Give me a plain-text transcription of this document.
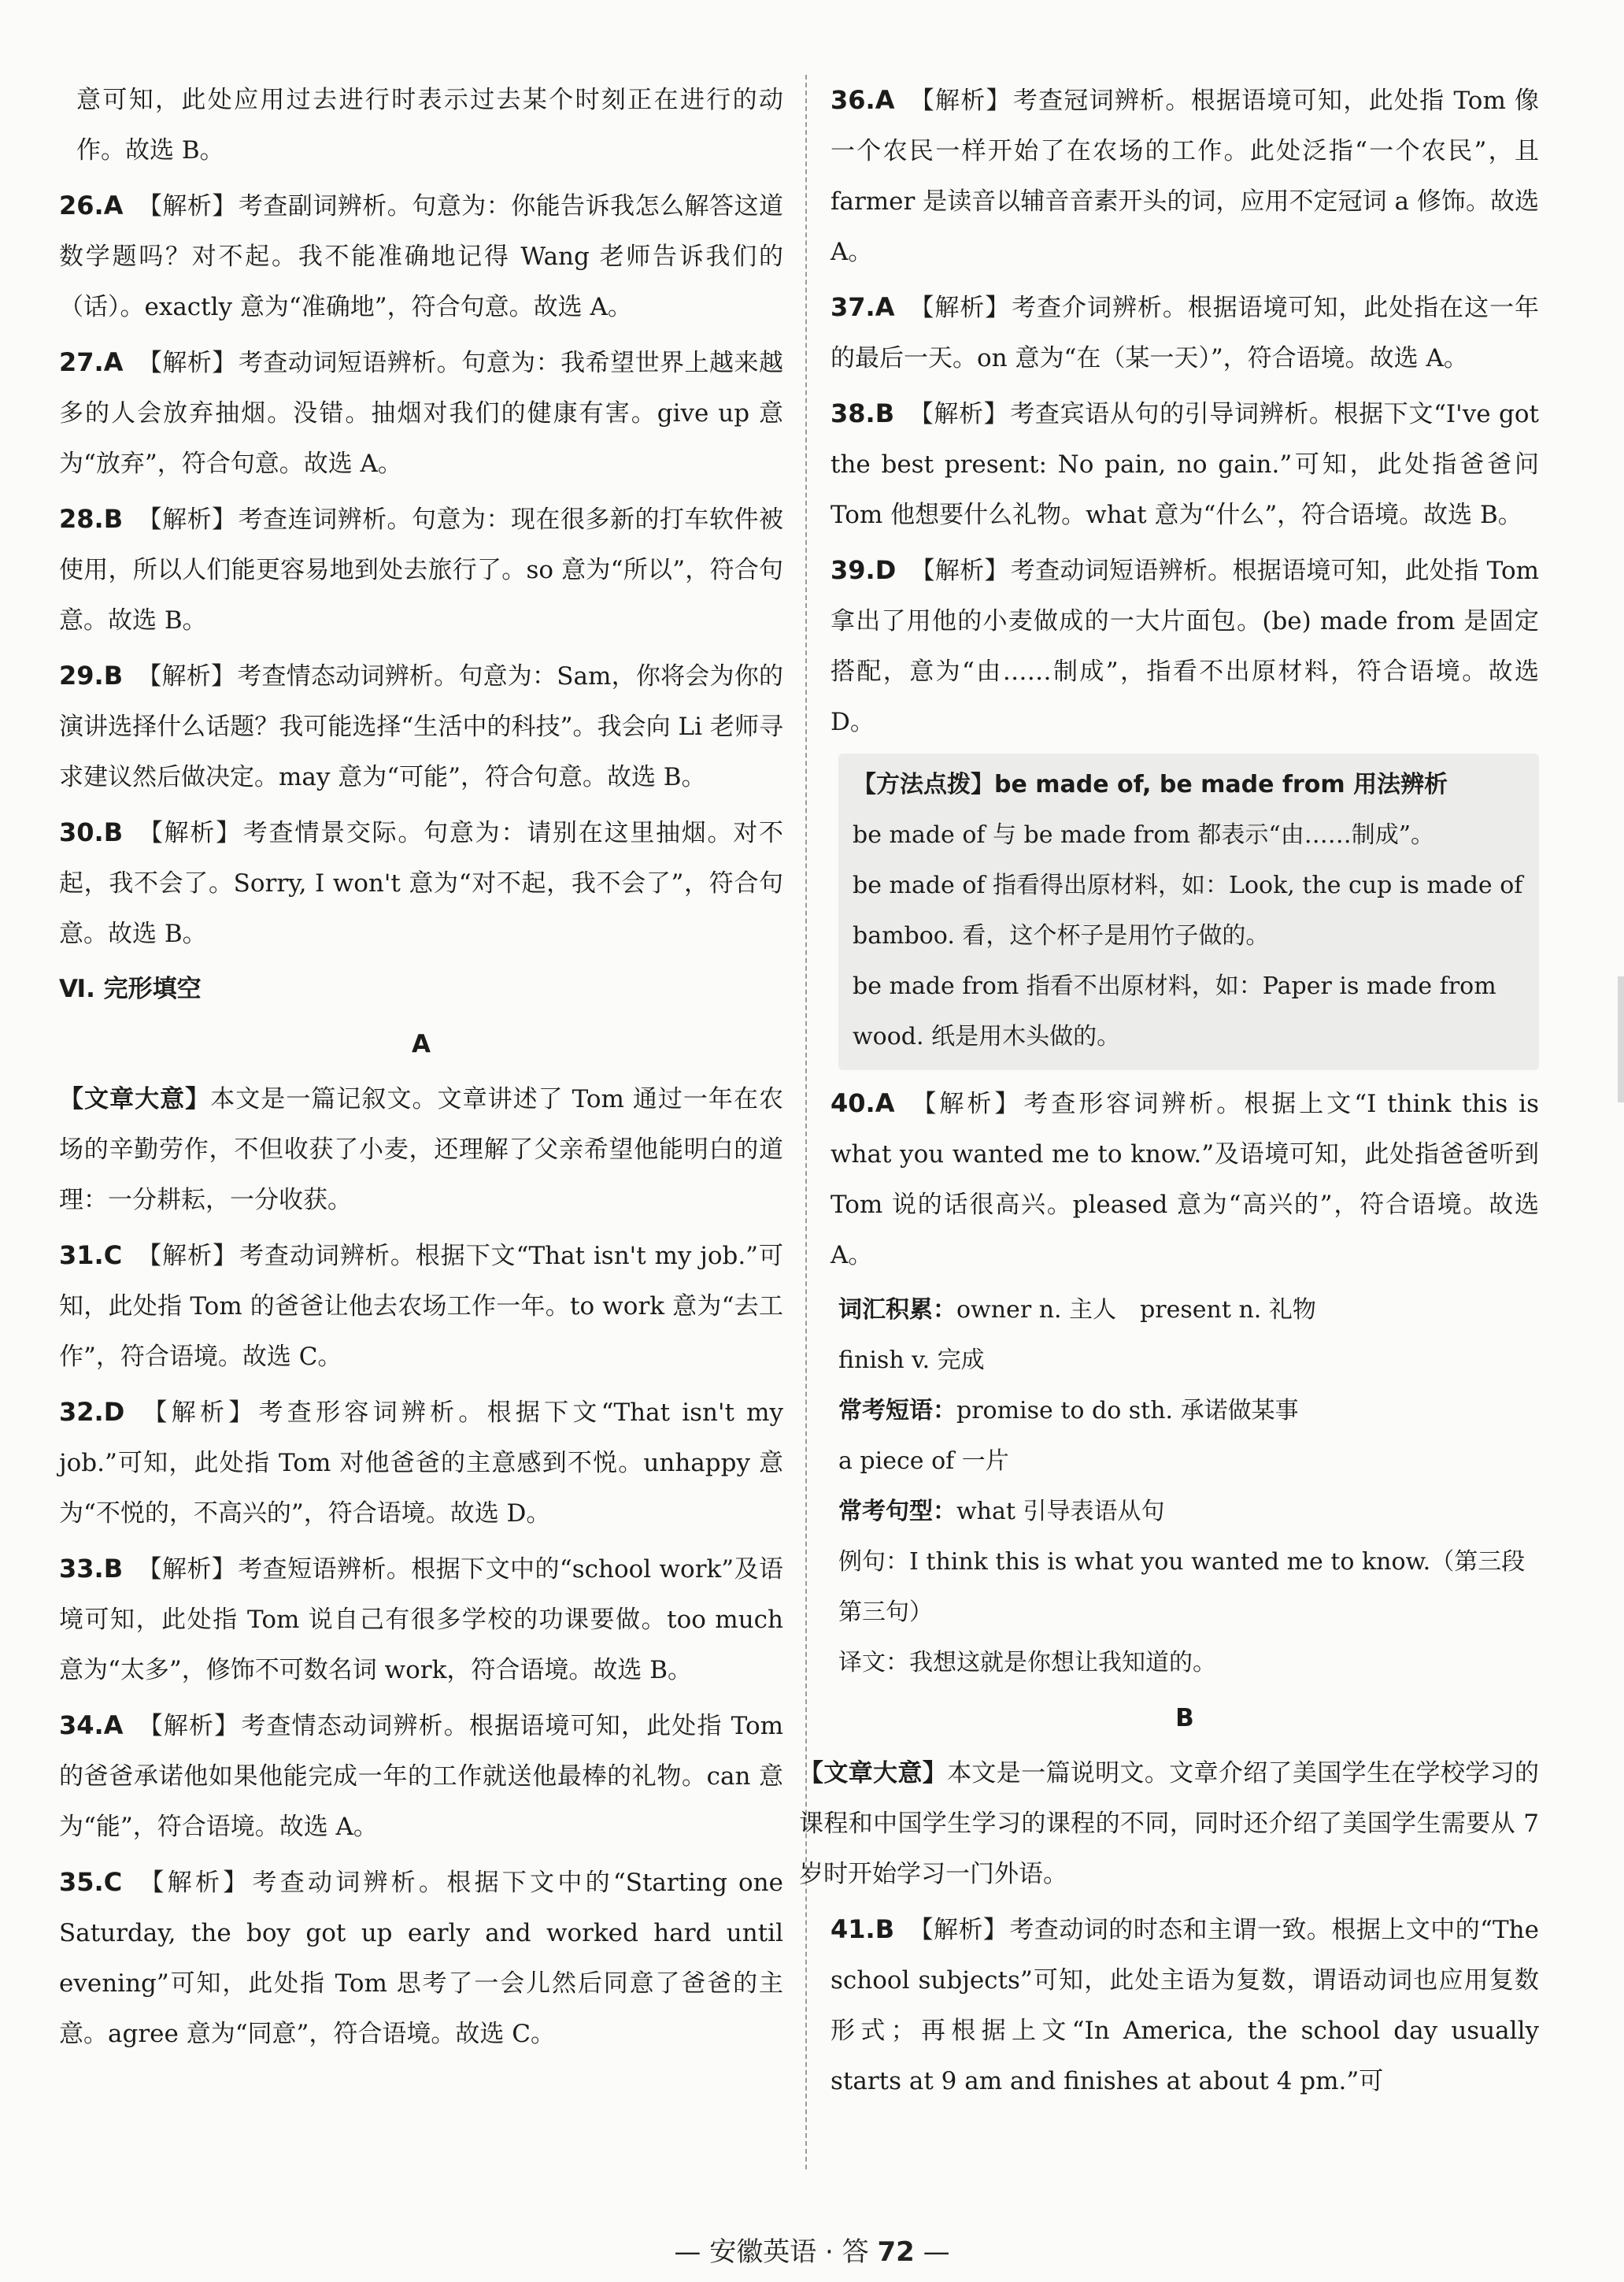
意可知，此处应用过去进行时表示过去某个时刻正在进行的动作。故选 B。

26.A 【解析】考查副词辨析。句意为：你能告诉我怎么解答这道数学题吗？对不起。我不能准确地记得 Wang 老师告诉我们的（话）。exactly 意为“准确地”，符合句意。故选 A。
27.A 【解析】考查动词短语辨析。句意为：我希望世界上越来越多的人会放弃抽烟。没错。抽烟对我们的健康有害。give up 意为“放弃”，符合句意。故选 A。
28.B 【解析】考查连词辨析。句意为：现在很多新的打车软件被使用，所以人们能更容易地到处去旅行了。so 意为“所以”，符合句意。故选 B。
29.B 【解析】考查情态动词辨析。句意为：Sam，你将会为你的演讲选择什么话题？我可能选择“生活中的科技”。我会向 Li 老师寻求建议然后做决定。may 意为“可能”，符合句意。故选 B。
30.B 【解析】考查情景交际。句意为：请别在这里抽烟。对不起，我不会了。Sorry, I won't 意为“对不起，我不会了”，符合句意。故选 B。
Ⅵ. 完形填空
A
【文章大意】本文是一篇记叙文。文章讲述了 Tom 通过一年在农场的辛勤劳作，不但收获了小麦，还理解了父亲希望他能明白的道理：一分耕耘，一分收获。
31.C 【解析】考查动词辨析。根据下文“That isn't my job.”可知，此处指 Tom 的爸爸让他去农场工作一年。to work 意为“去工作”，符合语境。故选 C。
32.D 【解析】考查形容词辨析。根据下文“That isn't my job.”可知，此处指 Tom 对他爸爸的主意感到不悦。unhappy 意为“不悦的，不高兴的”，符合语境。故选 D。
33.B 【解析】考查短语辨析。根据下文中的“school work”及语境可知，此处指 Tom 说自己有很多学校的功课要做。too much 意为“太多”，修饰不可数名词 work，符合语境。故选 B。
34.A 【解析】考查情态动词辨析。根据语境可知，此处指 Tom 的爸爸承诺他如果他能完成一年的工作就送他最棒的礼物。can 意为“能”，符合语境。故选 A。
35.C 【解析】考查动词辨析。根据下文中的“Starting one Saturday, the boy got up early and worked hard until evening”可知，此处指 Tom 思考了一会儿然后同意了爸爸的主意。agree 意为“同意”，符合语境。故选 C。
36.A 【解析】考查冠词辨析。根据语境可知，此处指 Tom 像一个农民一样开始了在农场的工作。此处泛指“一个农民”，且 farmer 是读音以辅音音素开头的词，应用不定冠词 a 修饰。故选 A。
37.A 【解析】考查介词辨析。根据语境可知，此处指在这一年的最后一天。on 意为“在（某一天）”，符合语境。故选 A。
38.B 【解析】考查宾语从句的引导词辨析。根据下文“I've got the best present: No pain, no gain.”可知，此处指爸爸问 Tom 他想要什么礼物。what 意为“什么”，符合语境。故选 B。
39.D 【解析】考查动词短语辨析。根据语境可知，此处指 Tom 拿出了用他的小麦做成的一大片面包。(be) made from 是固定搭配，意为“由……制成”，指看不出原材料，符合语境。故选 D。

【方法点拨】be made of, be made from 用法辨析

be made of 与 be made from 都表示“由……制成”。

be made of 指看得出原材料，如：Look, the cup is made of bamboo. 看，这个杯子是用竹子做的。

be made from 指看不出原材料，如：Paper is made from wood. 纸是用木头做的。

40.A 【解析】考查形容词辨析。根据上文“I think this is what you wanted me to know.”及语境可知，此处指爸爸听到 Tom 说的话很高兴。pleased 意为“高兴的”，符合语境。故选 A。

词汇积累：owner n. 主人　present n. 礼物

finish v. 完成

常考短语：promise to do sth. 承诺做某事

a piece of 一片

常考句型：what 引导表语从句

例句：I think this is what you wanted me to know.（第三段第三句）

译文：我想这就是你想让我知道的。

B
【文章大意】本文是一篇说明文。文章介绍了美国学生在学校学习的课程和中国学生学习的课程的不同，同时还介绍了美国学生需要从 7 岁时开始学习一门外语。
41.B 【解析】考查动词的时态和主谓一致。根据上文中的“The school subjects”可知，此处主语为复数，谓语动词也应用复数形式；再根据上文“In America, the school day usually starts at 9 am and finishes at about 4 pm.”可
— 安徽英语 · 答 72 —
